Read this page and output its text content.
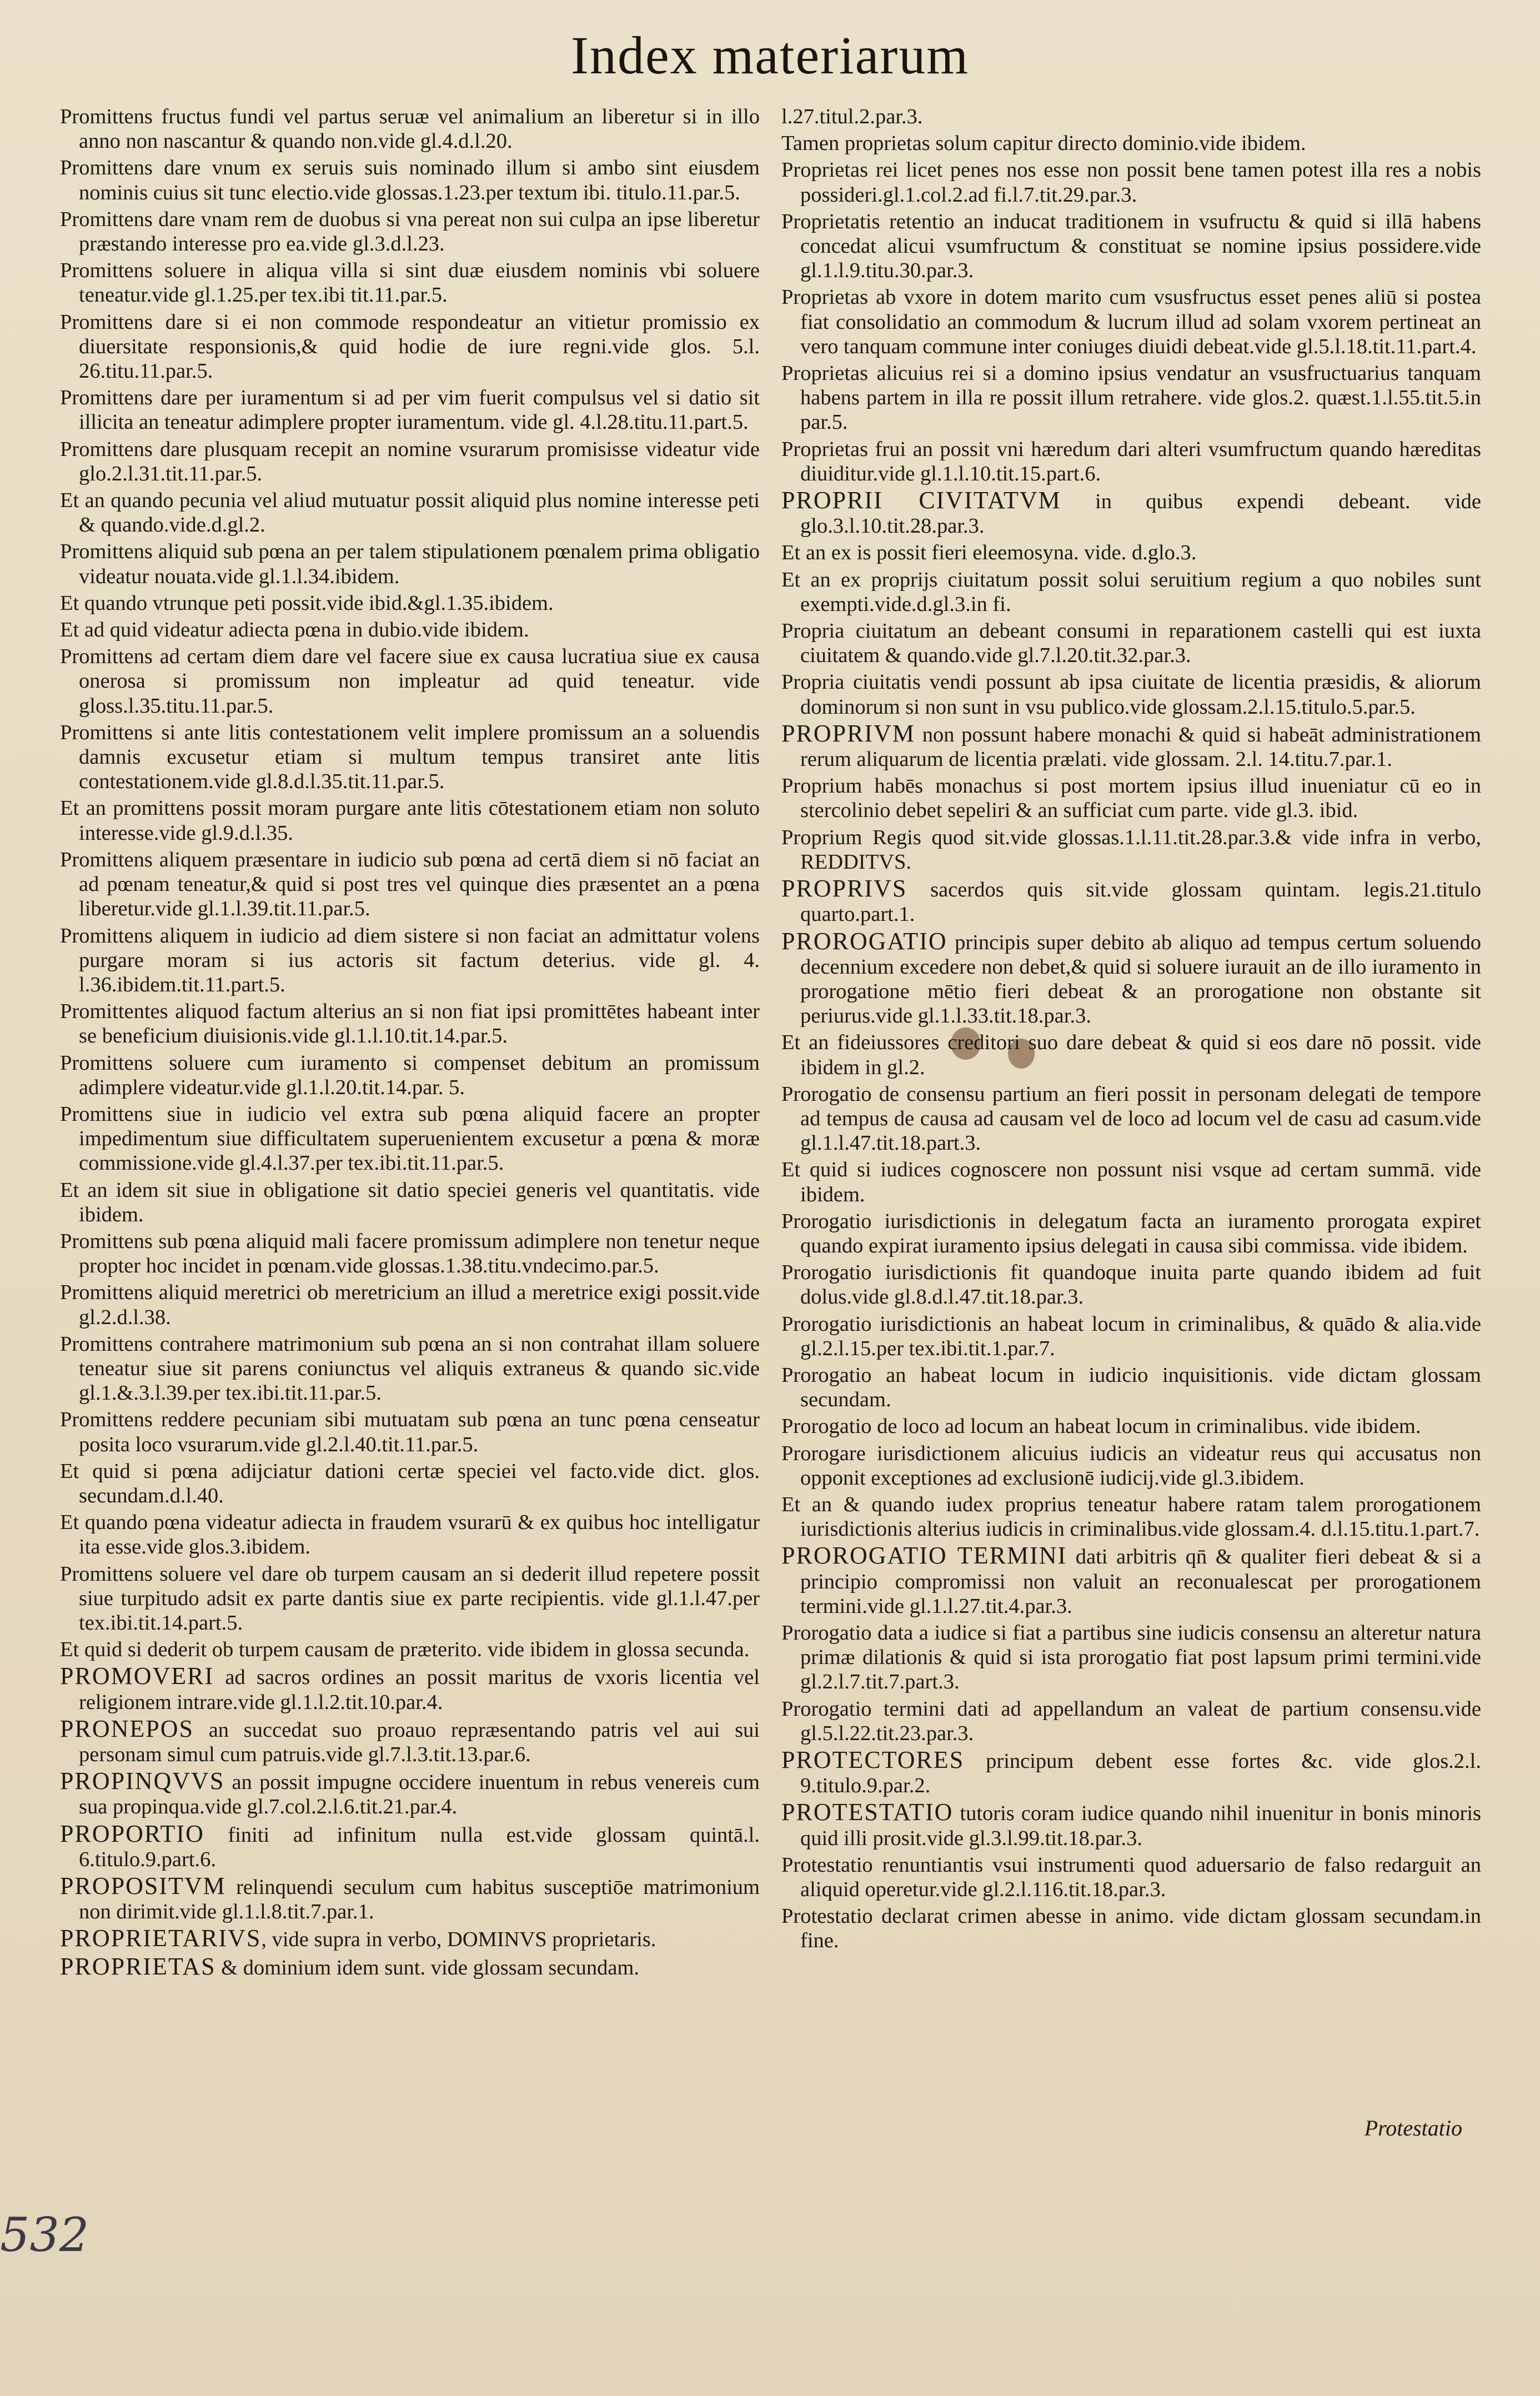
Index materiarum

Promittens fructus fundi vel partus seruæ vel animalium an liberetur si in illo anno non nascantur & quando non.vide gl.4.d.l.20.

Promittens dare vnum ex seruis suis nominado illum si ambo sint eiusdem nominis cuius sit tunc electio.vide glossas.1.23.per textum ibi. titulo.11.par.5.

Promittens dare vnam rem de duobus si vna pereat non sui culpa an ipse liberetur præstando interesse pro ea.vide gl.3.d.l.23.

Promittens soluere in aliqua villa si sint duæ eiusdem nominis vbi soluere teneatur.vide gl.1.25.per tex.ibi tit.11.par.5.

Promittens dare si ei non commode respondeatur an vitietur promissio ex diuersitate responsionis,& quid hodie de iure regni.vide glos. 5.l. 26.titu.11.par.5.

Promittens dare per iuramentum si ad per vim fuerit compulsus vel si datio sit illicita an teneatur adimplere propter iuramentum. vide gl. 4.l.28.titu.11.part.5.

Promittens dare plusquam recepit an nomine vsurarum promisisse videatur vide glo.2.l.31.tit.11.par.5.

Et an quando pecunia vel aliud mutuatur possit aliquid plus nomine interesse peti & quando.vide.d.gl.2.

Promittens aliquid sub pœna an per talem stipulationem pœnalem prima obligatio videatur nouata.vide gl.1.l.34.ibidem.

Et quando vtrunque peti possit.vide ibid.&gl.1.35.ibidem.

Et ad quid videatur adiecta pœna in dubio.vide ibidem.

Promittens ad certam diem dare vel facere siue ex causa lucratiua siue ex causa onerosa si promissum non impleatur ad quid teneatur. vide gloss.l.35.titu.11.par.5.

Promittens si ante litis contestationem velit implere promissum an a soluendis damnis excusetur etiam si multum tempus transiret ante litis contestationem.vide gl.8.d.l.35.tit.11.par.5.

Et an promittens possit moram purgare ante litis cōtestationem etiam non soluto interesse.vide gl.9.d.l.35.

Promittens aliquem præsentare in iudicio sub pœna ad certā diem si nō faciat an ad pœnam teneatur,& quid si post tres vel quinque dies præsentet an a pœna liberetur.vide gl.1.l.39.tit.11.par.5.

Promittens aliquem in iudicio ad diem sistere si non faciat an admittatur volens purgare moram si ius actoris sit factum deterius. vide gl. 4. l.36.ibidem.tit.11.part.5.

Promittentes aliquod factum alterius an si non fiat ipsi promittētes habeant inter se beneficium diuisionis.vide gl.1.l.10.tit.14.par.5.

Promittens soluere cum iuramento si compenset debitum an promissum adimplere videatur.vide gl.1.l.20.tit.14.par. 5.

Promittens siue in iudicio vel extra sub pœna aliquid facere an propter impedimentum siue difficultatem superuenientem excusetur a pœna & moræ commissione.vide gl.4.l.37.per tex.ibi.tit.11.par.5.

Et an idem sit siue in obligatione sit datio speciei generis vel quantitatis. vide ibidem.

Promittens sub pœna aliquid mali facere promissum adimplere non tenetur neque propter hoc incidet in pœnam.vide glossas.1.38.titu.vndecimo.par.5.

Promittens aliquid meretrici ob meretricium an illud a meretrice exigi possit.vide gl.2.d.l.38.

Promittens contrahere matrimonium sub pœna an si non contrahat illam soluere teneatur siue sit parens coniunctus vel aliquis extraneus & quando sic.vide gl.1.&.3.l.39.per tex.ibi.tit.11.par.5.

Promittens reddere pecuniam sibi mutuatam sub pœna an tunc pœna censeatur posita loco vsurarum.vide gl.2.l.40.tit.11.par.5.

Et quid si pœna adijciatur dationi certæ speciei vel facto.vide dict. glos. secundam.d.l.40.

Et quando pœna videatur adiecta in fraudem vsurarū & ex quibus hoc intelligatur ita esse.vide glos.3.ibidem.

Promittens soluere vel dare ob turpem causam an si dederit illud repetere possit siue turpitudo adsit ex parte dantis siue ex parte recipientis. vide gl.1.l.47.per tex.ibi.tit.14.part.5.

Et quid si dederit ob turpem causam de præterito. vide ibidem in glossa secunda.

PROMOVERI ad sacros ordines an possit maritus de vxoris licentia vel religionem intrare.vide gl.1.l.2.tit.10.par.4.

PRONEPOS an succedat suo proauo repræsentando patris vel aui sui personam simul cum patruis.vide gl.7.l.3.tit.13.par.6.

PROPINQVVS an possit impugne occidere inuentum in rebus venereis cum sua propinqua.vide gl.7.col.2.l.6.tit.21.par.4.

PROPORTIO finiti ad infinitum nulla est.vide glossam quintā.l. 6.titulo.9.part.6.

PROPOSITVM relinquendi seculum cum habitus susceptiōe matrimonium non dirimit.vide gl.1.l.8.tit.7.par.1.

PROPRIETARIVS, vide supra in verbo, DOMINVS proprietaris.

PROPRIETAS & dominium idem sunt. vide glossam secundam.

l.27.titul.2.par.3.

Tamen proprietas solum capitur directo dominio.vide ibidem.

Proprietas rei licet penes nos esse non possit bene tamen potest illa res a nobis possideri.gl.1.col.2.ad fi.l.7.tit.29.par.3.

Proprietatis retentio an inducat traditionem in vsufructu & quid si illā habens concedat alicui vsumfructum & constituat se nomine ipsius possidere.vide gl.1.l.9.titu.30.par.3.

Proprietas ab vxore in dotem marito cum vsusfructus esset penes aliū si postea fiat consolidatio an commodum & lucrum illud ad solam vxorem pertineat an vero tanquam commune inter coniuges diuidi debeat.vide gl.5.l.18.tit.11.part.4.

Proprietas alicuius rei si a domino ipsius vendatur an vsusfructuarius tanquam habens partem in illa re possit illum retrahere. vide glos.2. quæst.1.l.55.tit.5.in par.5.

Proprietas frui an possit vni hæredum dari alteri vsumfructum quando hæreditas diuiditur.vide gl.1.l.10.tit.15.part.6.

PROPRII CIVITATVM in quibus expendi debeant. vide glo.3.l.10.tit.28.par.3.

Et an ex is possit fieri eleemosyna. vide. d.glo.3.

Et an ex proprijs ciuitatum possit solui seruitium regium a quo nobiles sunt exempti.vide.d.gl.3.in fi.

Propria ciuitatum an debeant consumi in reparationem castelli qui est iuxta ciuitatem & quando.vide gl.7.l.20.tit.32.par.3.

Propria ciuitatis vendi possunt ab ipsa ciuitate de licentia præsidis, & aliorum dominorum si non sunt in vsu publico.vide glossam.2.l.15.titulo.5.par.5.

PROPRIVM non possunt habere monachi & quid si habeāt administrationem rerum aliquarum de licentia prælati. vide glossam. 2.l. 14.titu.7.par.1.

Proprium habēs monachus si post mortem ipsius illud inueniatur cū eo in stercolinio debet sepeliri & an sufficiat cum parte. vide gl.3. ibid.

Proprium Regis quod sit.vide glossas.1.l.11.tit.28.par.3.& vide infra in verbo, REDDITVS.

PROPRIVS sacerdos quis sit.vide glossam quintam. legis.21.titulo quarto.part.1.

PROROGATIO principis super debito ab aliquo ad tempus certum soluendo decennium excedere non debet,& quid si soluere iurauit an de illo iuramento in prorogatione mētio fieri debeat & an prorogatione non obstante sit periurus.vide gl.1.l.33.tit.18.par.3.

Et an fideiussores creditori suo dare debeat & quid si eos dare nō possit. vide ibidem in gl.2.

Prorogatio de consensu partium an fieri possit in personam delegati de tempore ad tempus de causa ad causam vel de loco ad locum vel de casu ad casum.vide gl.1.l.47.tit.18.part.3.

Et quid si iudices cognoscere non possunt nisi vsque ad certam summā. vide ibidem.

Prorogatio iurisdictionis in delegatum facta an iuramento prorogata expiret quando expirat iuramento ipsius delegati in causa sibi commissa. vide ibidem.

Prorogatio iurisdictionis fit quandoque inuita parte quando ibidem ad fuit dolus.vide gl.8.d.l.47.tit.18.par.3.

Prorogatio iurisdictionis an habeat locum in criminalibus, & quādo & alia.vide gl.2.l.15.per tex.ibi.tit.1.par.7.

Prorogatio an habeat locum in iudicio inquisitionis. vide dictam glossam secundam.

Prorogatio de loco ad locum an habeat locum in criminalibus. vide ibidem.

Prorogare iurisdictionem alicuius iudicis an videatur reus qui accusatus non opponit exceptiones ad exclusionē iudicij.vide gl.3.ibidem.

Et an & quando iudex proprius teneatur habere ratam talem prorogationem iurisdictionis alterius iudicis in criminalibus.vide glossam.4. d.l.15.titu.1.part.7.

PROROGATIO TERMINI dati arbitris qn̄ & qualiter fieri debeat & si a principio compromissi non valuit an reconualescat per prorogationem termini.vide gl.1.l.27.tit.4.par.3.

Prorogatio data a iudice si fiat a partibus sine iudicis consensu an alteretur natura primæ dilationis & quid si ista prorogatio fiat post lapsum primi termini.vide gl.2.l.7.tit.7.part.3.

Prorogatio termini dati ad appellandum an valeat de partium consensu.vide gl.5.l.22.tit.23.par.3.

PROTECTORES principum debent esse fortes &c. vide glos.2.l. 9.titulo.9.par.2.

PROTESTATIO tutoris coram iudice quando nihil inuenitur in bonis minoris quid illi prosit.vide gl.3.l.99.tit.18.par.3.

Protestatio renuntiantis vsui instrumenti quod aduersario de falso redarguit an aliquid operetur.vide gl.2.l.116.tit.18.par.3.

Protestatio declarat crimen abesse in animo. vide dictam glossam secundam.in fine.

Protestatio
532
